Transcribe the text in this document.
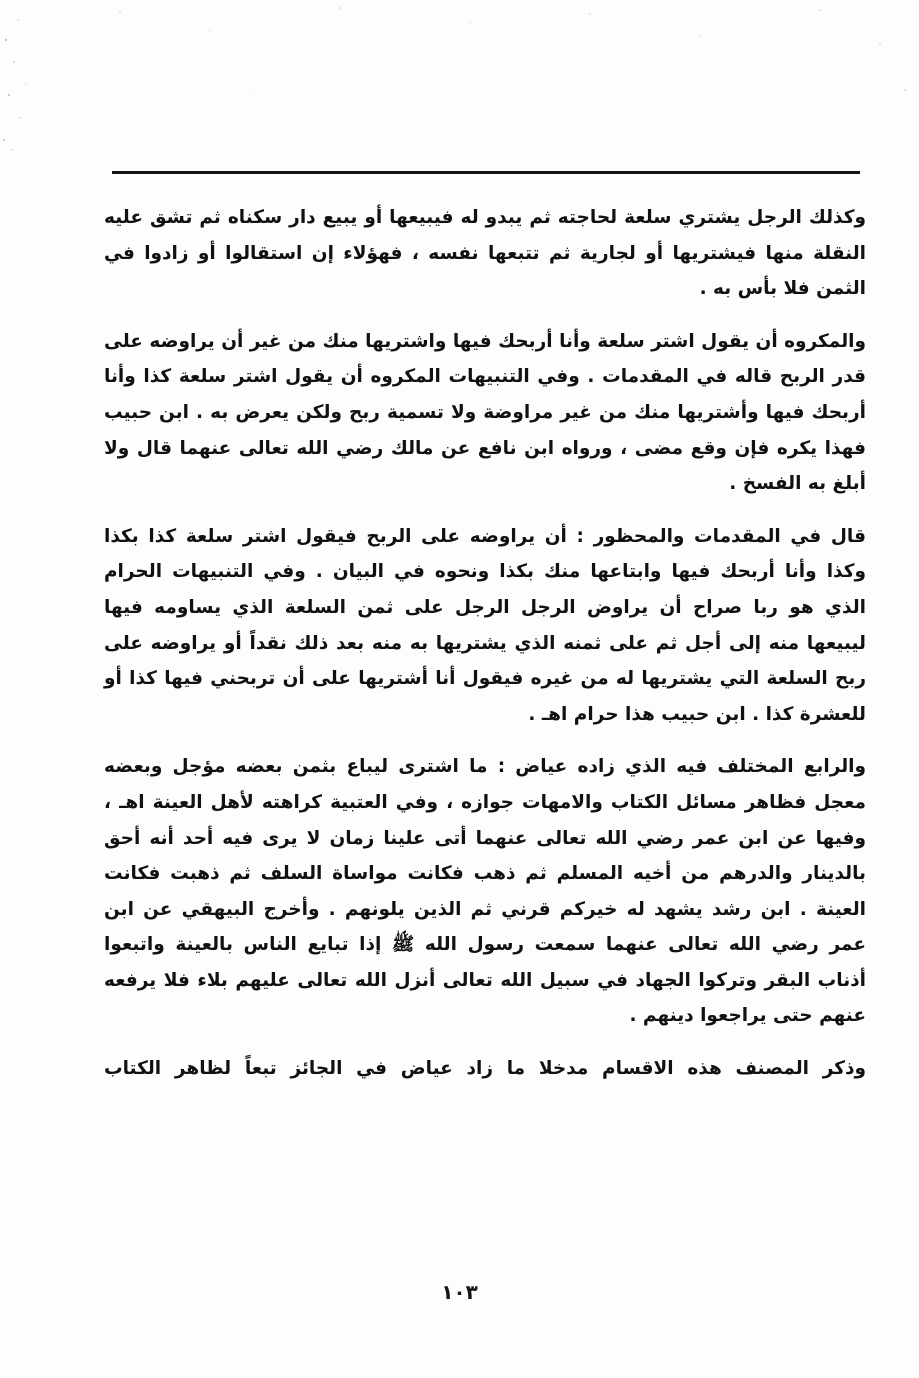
وكذلك الرجل يشتري سلعة لحاجته ثم يبدو له فيبيعها أو يبيع دار سكناه ثم تشق عليه النقلة منها فيشتريها أو لجارية ثم تتبعها نفسه ، فهؤلاء إن استقالوا أو زادوا في الثمن فلا بأس به .

والمكروه أن يقول اشتر سلعة وأنا أربحك فيها واشتريها منك من غير أن يراوضه على قدر الربح قاله في المقدمات . وفي التنبيهات المكروه أن يقول اشتر سلعة كذا وأنا أربحك فيها وأشتريها منك من غير مراوضة ولا تسمية ربح ولكن يعرض به . ابن حبيب فهذا يكره فإن وقع مضى ، ورواه ابن نافع عن مالك رضي الله تعالى عنهما قال ولا أبلغ به الفسخ .

قال في المقدمات والمحظور : أن يراوضه على الربح فيقول اشتر سلعة كذا بكذا وكذا وأنا أربحك فيها وابتاعها منك بكذا ونحوه في البيان . وفي التنبيهات الحرام الذي هو ربا صراح أن يراوض الرجل الرجل على ثمن السلعة الذي يساومه فيها ليبيعها منه إلى أجل ثم على ثمنه الذي يشتريها به منه بعد ذلك نقداً أو يراوضه على ربح السلعة التي يشتريها له من غيره فيقول أنا أشتريها على أن تربحني فيها كذا أو للعشرة كذا . ابن حبيب هذا حرام اهـ .

والرابع المختلف فيه الذي زاده عياض : ما اشترى ليباع بثمن بعضه مؤجل وبعضه معجل فظاهر مسائل الكتاب والامهات جوازه ، وفي العتبية كراهته لأهل العينة اهـ ، وفيها عن ابن عمر رضي الله تعالى عنهما أتى علينا زمان لا يرى فيه أحد أنه أحق بالدينار والدرهم من أخيه المسلم ثم ذهب فكانت مواساة السلف ثم ذهبت فكانت العينة . ابن رشد يشهد له خيركم قرني ثم الذين يلونهم . وأخرج البيهقي عن ابن عمر رضي الله تعالى عنهما سمعت رسول الله ﷺ إذا تبايع الناس بالعينة واتبعوا أذناب البقر وتركوا الجهاد في سبيل الله تعالى أنزل الله تعالى عليهم بلاء فلا يرفعه عنهم حتى يراجعوا دينهم .

وذكر المصنف هذه الاقسام مدخلا ما زاد عياض في الجائز تبعاً لظاهر الكتاب

١٠٣
